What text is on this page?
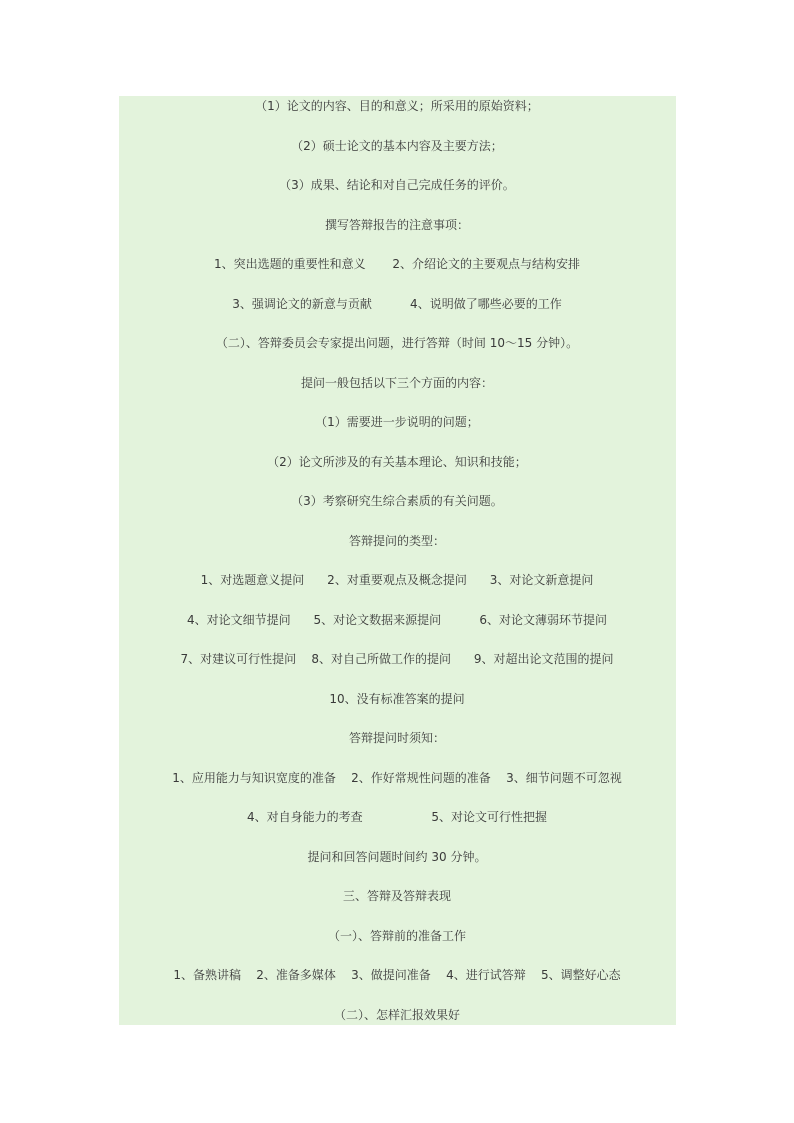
（1）论文的内容、目的和意义；所采用的原始资料；
（2）硕士论文的基本内容及主要方法；
（3）成果、结论和对自己完成任务的评价。
撰写答辩报告的注意事项：
1、突出选题的重要性和意义       2、介绍论文的主要观点与结构安排
3、强调论文的新意与贡献          4、说明做了哪些必要的工作
（二）、答辩委员会专家提出问题，进行答辩（时间 10～15 分钟）。
提问一般包括以下三个方面的内容：
（1）需要进一步说明的问题；
（2）论文所涉及的有关基本理论、知识和技能；
（3）考察研究生综合素质的有关问题。
答辩提问的类型：
1、对选题意义提问      2、对重要观点及概念提问      3、对论文新意提问
4、对论文细节提问      5、对论文数据来源提问          6、对论文薄弱环节提问
7、对建议可行性提问    8、对自己所做工作的提问      9、对超出论文范围的提问
10、没有标准答案的提问
答辩提问时须知：
1、应用能力与知识宽度的准备    2、作好常规性问题的准备    3、细节问题不可忽视
4、对自身能力的考查                  5、对论文可行性把握
提问和回答问题时间约 30 分钟。
三、答辩及答辩表现
（一）、答辩前的准备工作
1、备熟讲稿    2、准备多媒体    3、做提问准备    4、进行试答辩    5、调整好心态
（二）、怎样汇报效果好
